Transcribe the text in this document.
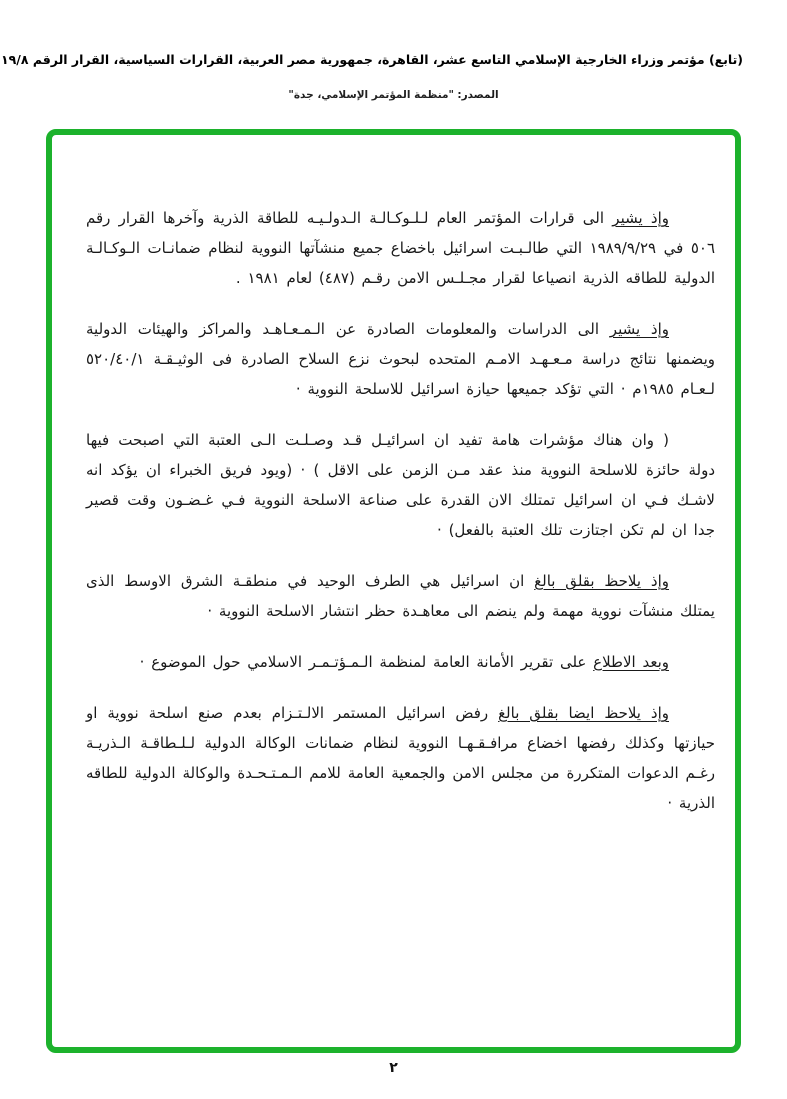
(تابع) مؤتمر وزراء الخارجية الإسلامي التاسع عشر، القاهرة، جمهورية مصر العربية، القرارات السياسية، القرار الرقم ١٩/٨
المصدر: "منظمة المؤتمر الإسلامي، جدة"

وإذ يشير الى قرارات المؤتمر العام لـلـوكـالـة الـدولـيـه للطاقة الذرية وآخرها القرار رقم ٥٠٦ في ١٩٨٩/٩/٢٩ التي طالـبـت اسرائيل باخضاع جميع منشآتها النووية لنظام ضمانـات الـوكـالـة الدولية للطاقه الذرية انصياعا لقرار مجـلـس الامن رقـم (٤٨٧) لعام ١٩٨١ .

وإذ يشير الى الدراسات والمعلومات الصادرة عن الـمـعـاهـد والمراكز والهيئات الدولية ويضمنها نتائج دراسة مـعـهـد الامـم المتحده لبحوث نزع السلاح الصادرة فى الوثيـقـة ٥٢٠/٤٠/١ لـعـام ١٩٨٥م · التي تؤكد جميعها حيازة اسرائيل للاسلحة النووية ·

( وان هناك مؤشرات هامة تفيد ان اسرائيـل قـد وصـلـت الـى العتبة التي اصبحت فيها دولة حائزة للاسلحة النووية منذ عقد مـن الزمن على الاقل ) · (ويود فريق الخبراء ان يؤكد انه لاشـك فـي ان اسرائيل تمتلك الان القدرة على صناعة الاسلحة النووية فـي غـضـون وقت قصير جدا ان لم تكن اجتازت تلك العتبة بالفعل) ·

وإذ يلاحظ بقلق بالغ ان اسرائيل هي الطرف الوحيد في منطقـة الشرق الاوسط الذى يمتلك منشآت نووية مهمة ولم ينضم الى معاهـدة حظر انتشار الاسلحة النووية ·

وبعد الاطلاع على تقرير الأمانة العامة لمنظمة الـمـؤتـمـر الاسلامي حول الموضوع ·

وإذ يلاحظ ايضا بقلق بالغ رفض اسرائيل المستمر الالـتـزام بعدم صنع اسلحة نووية او حيازتها وكذلك رفضها اخضاع مرافـقـهـا النووية لنظام ضمانات الوكالة الدولية لـلـطاقـة الـذريـة رغـم الدعوات المتكررة من مجلس الامن والجمعية العامة للامم الـمـتـحـدة والوكالة الدولية للطاقه الذرية ·

٢
